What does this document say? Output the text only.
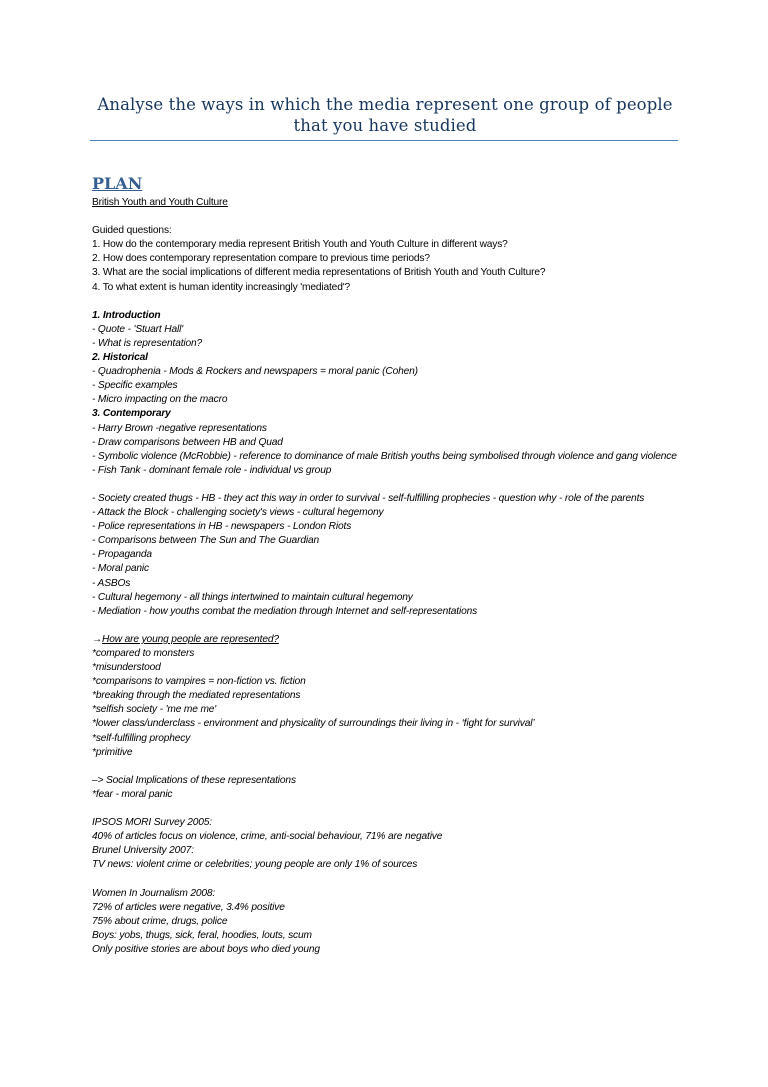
Analyse the ways in which the media represent one group of people that you have studied
PLAN
British Youth and Youth Culture
Guided questions:
1. How do the contemporary media represent British Youth and Youth Culture in different ways?
2. How does contemporary representation compare to previous time periods?
3. What are the social implications of different media representations of British Youth and Youth Culture?
4. To what extent is human identity increasingly 'mediated'?
1. Introduction
- Quote - 'Stuart Hall'
- What is representation?
2. Historical
- Quadrophenia - Mods & Rockers and newspapers = moral panic (Cohen)
- Specific examples
- Micro impacting on the macro
3. Contemporary
- Harry Brown -negative representations
- Draw comparisons between HB and Quad
- Symbolic violence (McRobbie) - reference to dominance of male British youths being symbolised through violence and gang violence
- Fish Tank - dominant female role - individual vs group
- Society created thugs - HB - they act this way in order to survival - self-fulfilling prophecies - question why - role of the parents
- Attack the Block - challenging society's views - cultural hegemony
- Police representations in HB - newspapers - London Riots
- Comparisons between The Sun and The Guardian
- Propaganda
- Moral panic
- ASBOs
- Cultural hegemony - all things intertwined to maintain cultural hegemony
- Mediation - how youths combat the mediation through Internet and self-representations
→How are young people are represented?
*compared to monsters
*misunderstood
*comparisons to vampires = non-fiction vs. fiction
*breaking through the mediated representations
*selfish society - 'me me me'
*lower class/underclass - environment and physicality of surroundings their living in - ‘fight for survival’
*self-fulfilling prophecy
*primitive
–> Social Implications of these representations
*fear - moral panic
IPSOS MORI Survey 2005:
40% of articles focus on violence, crime, anti-social behaviour, 71% are negative
Brunel University 2007:
TV news: violent crime or celebrities; young people are only 1% of sources
Women In Journalism 2008:
72% of articles were negative, 3.4% positive
75% about crime, drugs, police
Boys: yobs, thugs, sick, feral, hoodies, louts, scum
Only positive stories are about boys who died young
